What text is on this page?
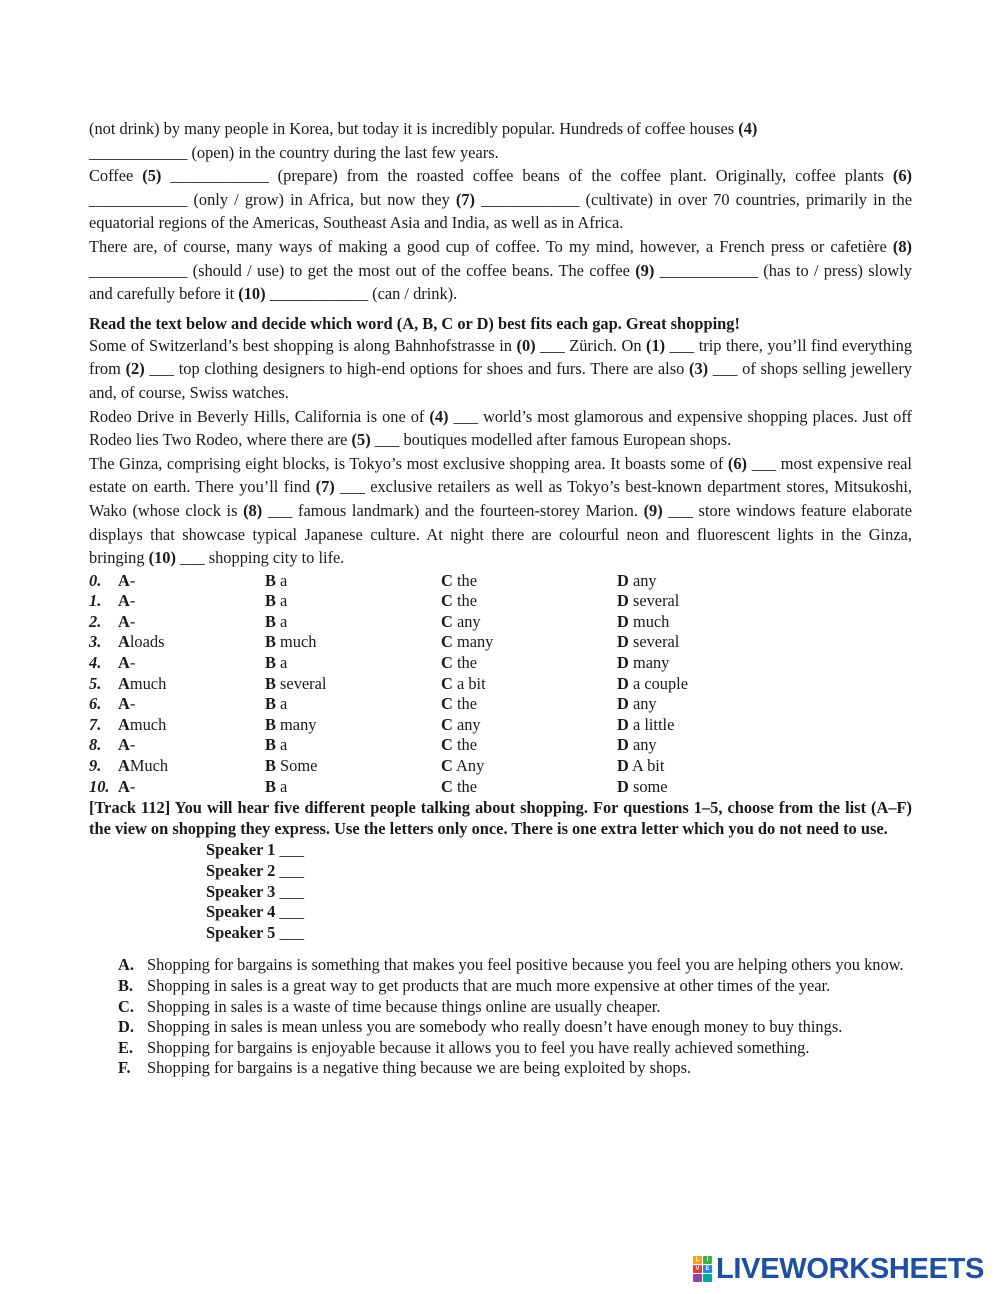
(not drink) by many people in Korea, but today it is incredibly popular. Hundreds of coffee houses (4)
____________ (open) in the country during the last few years.

Coffee (5) ____________ (prepare) from the roasted coffee beans of the coffee plant. Originally, coffee plants (6) ____________ (only / grow) in Africa, but now they (7) ____________ (cultivate) in over 70 countries, primarily in the equatorial regions of the Americas, Southeast Asia and India, as well as in Africa.

There are, of course, many ways of making a good cup of coffee. To my mind, however, a French press or cafetière (8) ____________ (should / use) to get the most out of the coffee beans. The coffee (9) ____________ (has to / press) slowly and carefully before it (10) ____________ (can / drink).

Read the text below and decide which word (A, B, C or D) best fits each gap. Great shopping!

Some of Switzerland’s best shopping is along Bahnhofstrasse in (0) ___ Zürich. On (1) ___ trip there, you’ll find everything from (2) ___ top clothing designers to high-end options for shoes and furs. There are also (3) ___ of shops selling jewellery and, of course, Swiss watches.

Rodeo Drive in Beverly Hills, California is one of (4) ___ world’s most glamorous and expensive shopping places. Just off Rodeo lies Two Rodeo, where there are (5) ___ boutiques modelled after famous European shops.

The Ginza, comprising eight blocks, is Tokyo’s most exclusive shopping area. It boasts some of (6) ___ most expensive real estate on earth. There you’ll find (7) ___ exclusive retailers as well as Tokyo’s best-known department stores, Mitsukoshi, Wako (whose clock is (8) ___ famous landmark) and the fourteen-storey Marion. (9) ___ store windows feature elaborate displays that showcase typical Japanese culture. At night there are colourful neon and fluorescent lights in the Ginza, bringing (10) ___ shopping city to life.

0.	A -	B a	C the	D any
1.	A -	B a	C the	D several
2.	A -	B a	C any	D much
3.	A loads	B much	C many	D several
4.	A -	B a	C the	D many
5.	A much	B several	C a bit	D a couple
6.	A -	B a	C the	D any
7.	A much	B many	C any	D a little
8.	A -	B a	C the	D any
9.	A Much	B Some	C Any	D A bit
10. A -	B a	C the	D some

[Track 112] You will hear five different people talking about shopping. For questions 1–5, choose from the list (A–F) the view on shopping they express. Use the letters only once. There is one extra letter which you do not need to use.

Speaker 1 ___
Speaker 2 ___
Speaker 3 ___
Speaker 4 ___
Speaker 5 ___
A. Shopping for bargains is something that makes you feel positive because you feel you are helping others you know.
B. Shopping in sales is a great way to get products that are much more expensive at other times of the year.
C. Shopping in sales is a waste of time because things online are usually cheaper.
D. Shopping in sales is mean unless you are somebody who really doesn’t have enough money to buy things.
E. Shopping for bargains is enjoyable because it allows you to feel you have really achieved something.
F. Shopping for bargains is a negative thing because we are being exploited by shops.
L	I
V E LIVEWORKSHEETS
